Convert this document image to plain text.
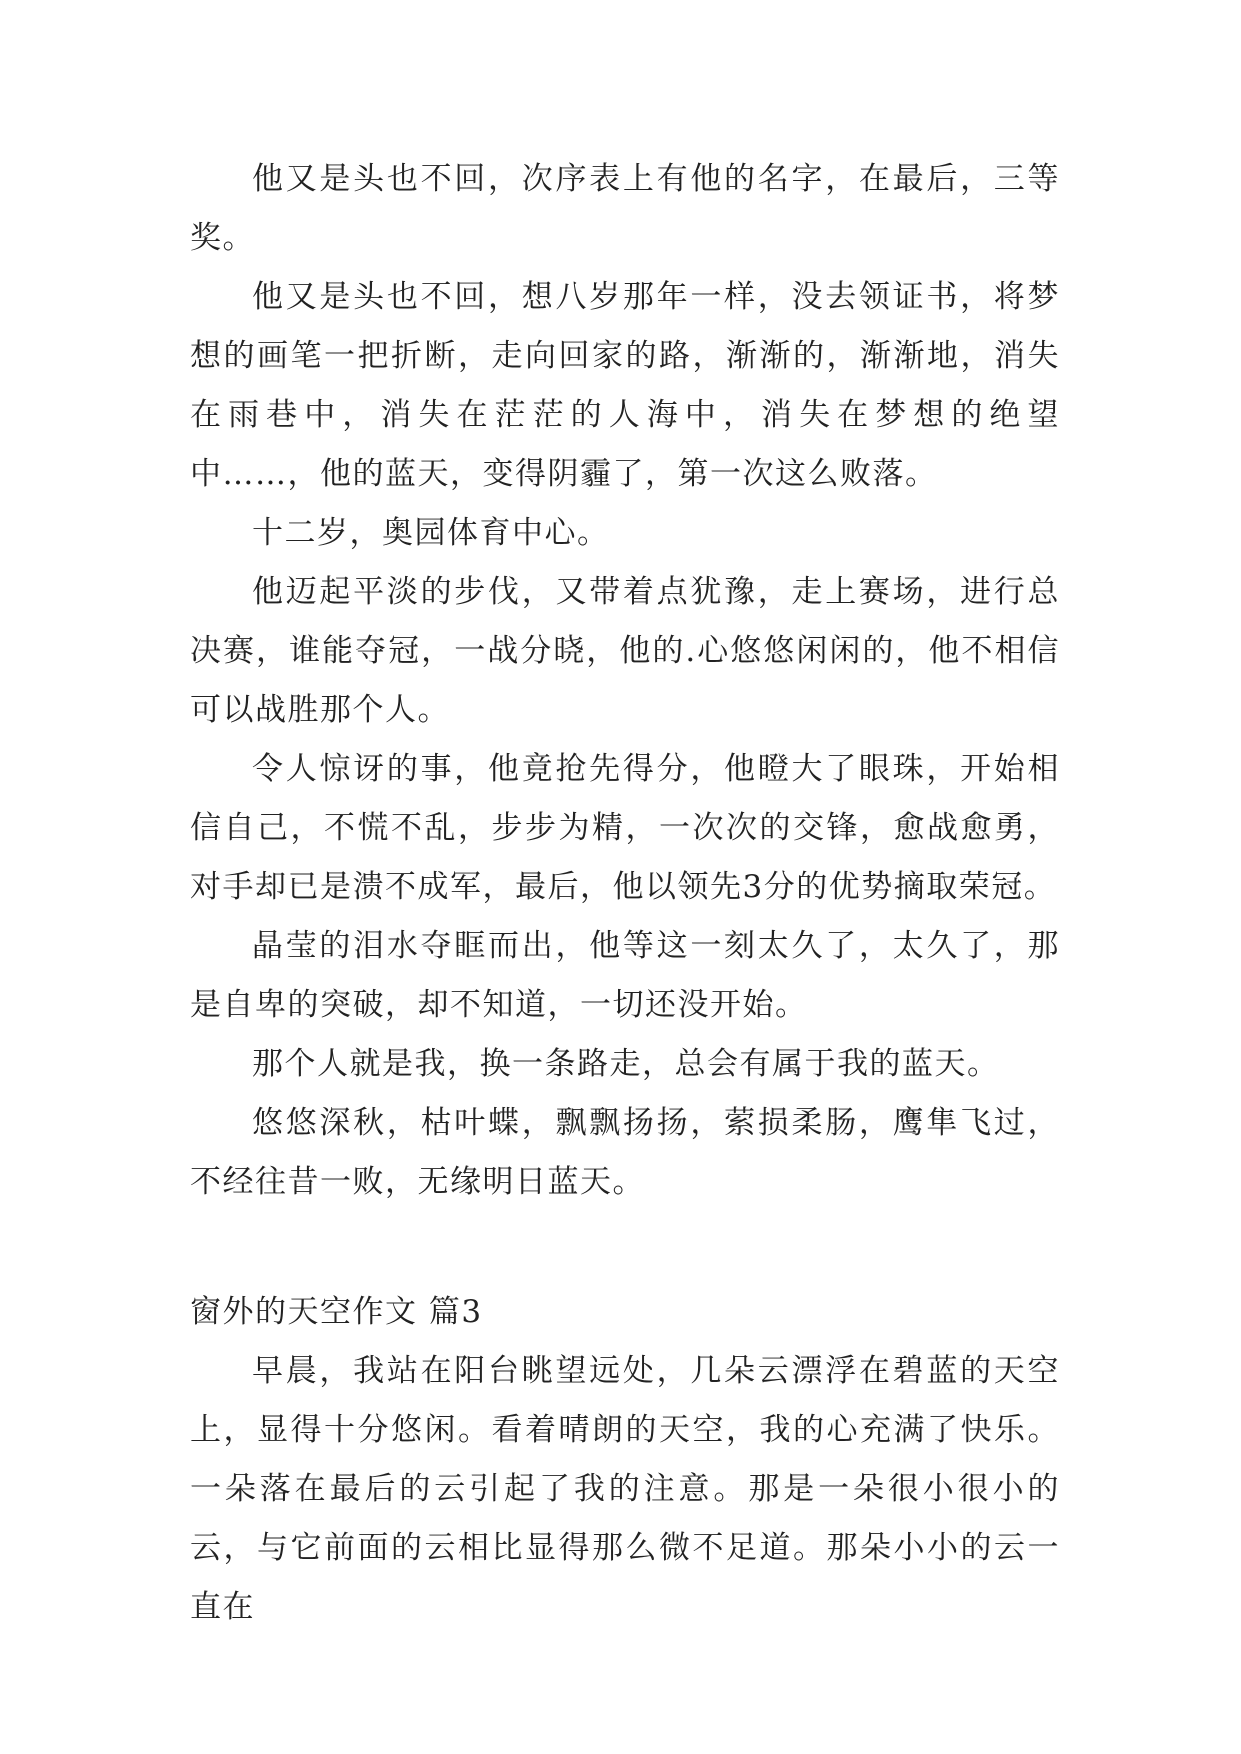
他又是头也不回，次序表上有他的名字，在最后，三等奖。

他又是头也不回，想八岁那年一样，没去领证书，将梦想的画笔一把折断，走向回家的路，渐渐的，渐渐地，消失在雨巷中，消失在茫茫的人海中，消失在梦想的绝望中……，他的蓝天，变得阴霾了，第一次这么败落。

十二岁，奥园体育中心。

他迈起平淡的步伐，又带着点犹豫，走上赛场，进行总决赛，谁能夺冠，一战分晓，他的.心悠悠闲闲的，他不相信可以战胜那个人。

令人惊讶的事，他竟抢先得分，他瞪大了眼珠，开始相信自己，不慌不乱，步步为精，一次次的交锋，愈战愈勇，对手却已是溃不成军，最后，他以领先3分的优势摘取荣冠。

晶莹的泪水夺眶而出，他等这一刻太久了，太久了，那是自卑的突破，却不知道，一切还没开始。

那个人就是我，换一条路走，总会有属于我的蓝天。

悠悠深秋，枯叶蝶，飘飘扬扬，萦损柔肠，鹰隼飞过，不经往昔一败，无缘明日蓝天。

窗外的天空作文 篇3

早晨，我站在阳台眺望远处，几朵云漂浮在碧蓝的天空上，显得十分悠闲。看着晴朗的天空，我的心充满了快乐。一朵落在最后的云引起了我的注意。那是一朵很小很小的云，与它前面的云相比显得那么微不足道。那朵小小的云一直在
